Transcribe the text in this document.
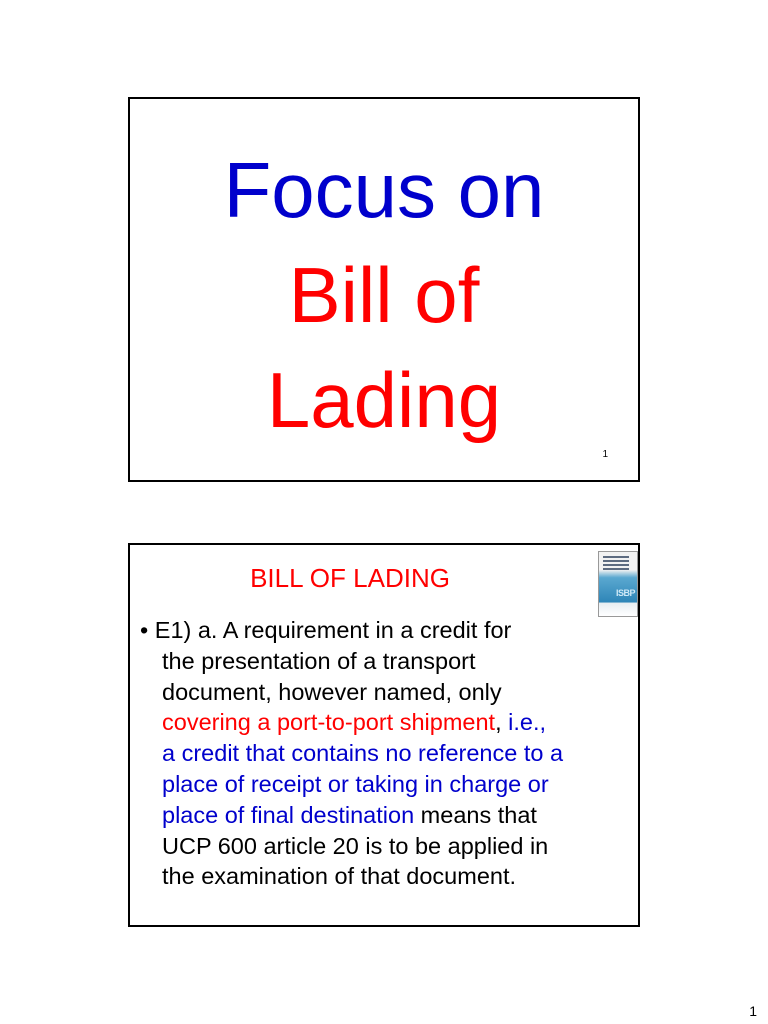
Focus on
Bill of
Lading
1
BILL OF LADING	ISBP
• E1) a. A requirement in a credit for
the presentation of a transport
document, however named, only
covering a port-to-port shipment, i.e.,
a credit that contains no reference to a
place of receipt or taking in charge or
place of final destination means that
UCP 600 article 20 is to be applied in
the examination of that document.
1
